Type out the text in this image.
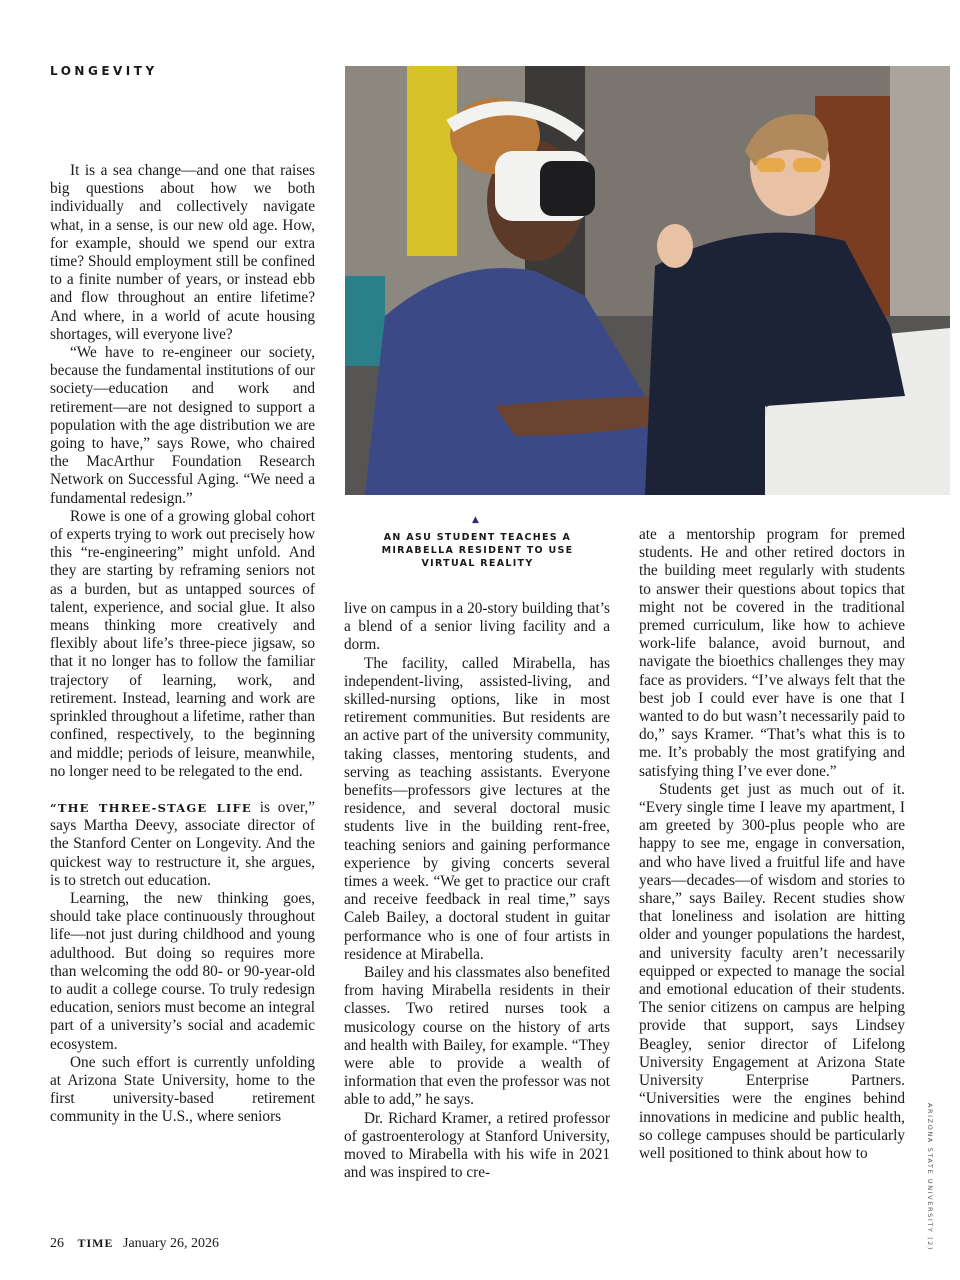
LONGEVITY
▲
AN ASU STUDENT TEACHES A MIRABELLA RESIDENT TO USE VIRTUAL REALITY

It is a sea change—and one that raises big questions about how we both individually and collectively navigate what, in a sense, is our new old age. How, for example, should we spend our extra time? Should employment still be confined to a finite number of years, or instead ebb and flow throughout an entire lifetime? And where, in a world of acute housing shortages, will everyone live?

“We have to re-engineer our society, because the fundamental institutions of our society—education and work and retirement—are not designed to support a population with the age distribution we are going to have,” says Rowe, who chaired the MacArthur Foundation Research Network on Successful Aging. “We need a fundamental redesign.”

Rowe is one of a growing global cohort of experts trying to work out precisely how this “re-engineering” might unfold. And they are starting by reframing seniors not as a burden, but as untapped sources of talent, experience, and social glue. It also means thinking more creatively and flexibly about life’s three-piece jigsaw, so that it no longer has to follow the familiar trajectory of learning, work, and retirement. Instead, learning and work are sprinkled throughout a lifetime, rather than confined, respectively, to the beginning and middle; periods of leisure, meanwhile, no longer need to be relegated to the end.

“THE THREE-STAGE LIFE is over,” says Martha Deevy, associate director of the Stanford Center on Longevity. And the quickest way to restructure it, she argues, is to stretch out education.

Learning, the new thinking goes, should take place continuously throughout life—not just during childhood and young adulthood. But doing so requires more than welcoming the odd 80- or 90-year-old to audit a college course. To truly redesign education, seniors must become an integral part of a university’s social and academic ecosystem.

One such effort is currently unfolding at Arizona State University, home to the first university-based retirement community in the U.S., where seniors

live on campus in a 20-story building that’s a blend of a senior living facility and a dorm.

The facility, called Mirabella, has independent-living, assisted-living, and skilled-nursing options, like in most retirement communities. But residents are an active part of the university community, taking classes, mentoring students, and serving as teaching assistants. Everyone benefits—professors give lectures at the residence, and several doctoral music students live in the building rent-free, teaching seniors and gaining performance experience by giving concerts several times a week. “We get to practice our craft and receive feedback in real time,” says Caleb Bailey, a doctoral student in guitar performance who is one of four artists in residence at Mirabella.

Bailey and his classmates also benefited from having Mirabella residents in their classes. Two retired nurses took a musicology course on the history of arts and health with Bailey, for example. “They were able to provide a wealth of information that even the professor was not able to add,” he says.

Dr. Richard Kramer, a retired professor of gastroenterology at Stanford University, moved to Mirabella with his wife in 2021 and was inspired to cre-

ate a mentorship program for premed students. He and other retired doctors in the building meet regularly with students to answer their questions about topics that might not be covered in the traditional premed curriculum, like how to achieve work-life balance, avoid burnout, and navigate the bioethics challenges they may face as providers. “I’ve always felt that the best job I could ever have is one that I wanted to do but wasn’t necessarily paid to do,” says Kramer. “That’s what this is to me. It’s probably the most gratifying and satisfying thing I’ve ever done.”

Students get just as much out of it. “Every single time I leave my apartment, I am greeted by 300-plus people who are happy to see me, engage in conversation, and who have lived a fruitful life and have years—decades—of wisdom and stories to share,” says Bailey. Recent studies show that loneliness and isolation are hitting older and younger populations the hardest, and university faculty aren’t necessarily equipped or expected to manage the social and emotional education of their students. The senior citizens on campus are helping provide that support, says Lindsey Beagley, senior director of Lifelong University Engagement at Arizona State University Enterprise Partners. “Universities were the engines behind innovations in medicine and public health, so college campuses should be particularly well positioned to think about how to	ARIZONA STATE UNIVERSITY (2)
26 TIME January 26, 2026
